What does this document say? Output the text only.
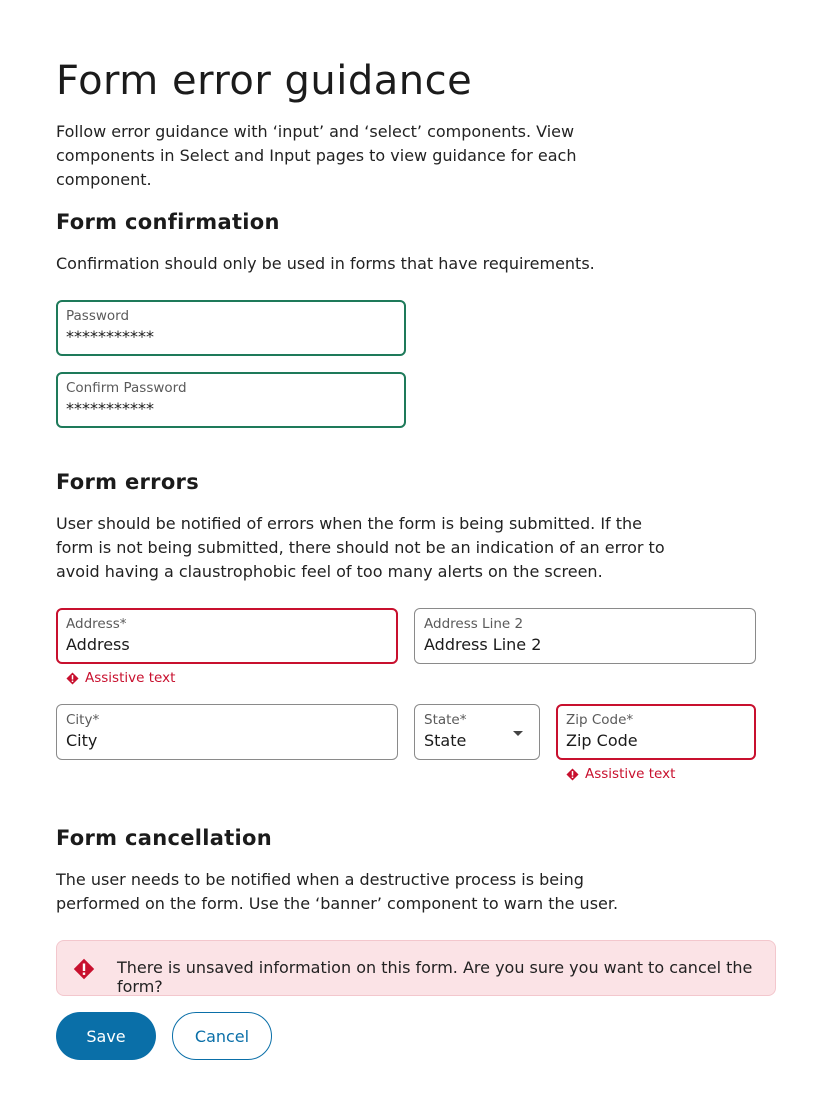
Form error guidance

Follow error guidance with ‘input’ and ‘select’ components. View components in Select and Input pages to view guidance for each component.

Form confirmation

Confirmation should only be used in forms that have requirements.

Password
***********
Confirm Password
***********
Form errors

User should be notified of errors when the form is being submitted. If the form is not being submitted, there should not be an indication of an error to avoid having a claustrophobic feel of too many alerts on the screen.

Address*
Address
Assistive text
Address Line 2
Address Line 2
City*
City
State*
State
Zip Code*
Zip Code
Assistive text
Form cancellation

The user needs to be notified when a destructive process is being performed on the form. Use the ‘banner’ component to warn the user.

There is unsaved information on this form. Are you sure you want to cancel the form?
Save	Cancel
